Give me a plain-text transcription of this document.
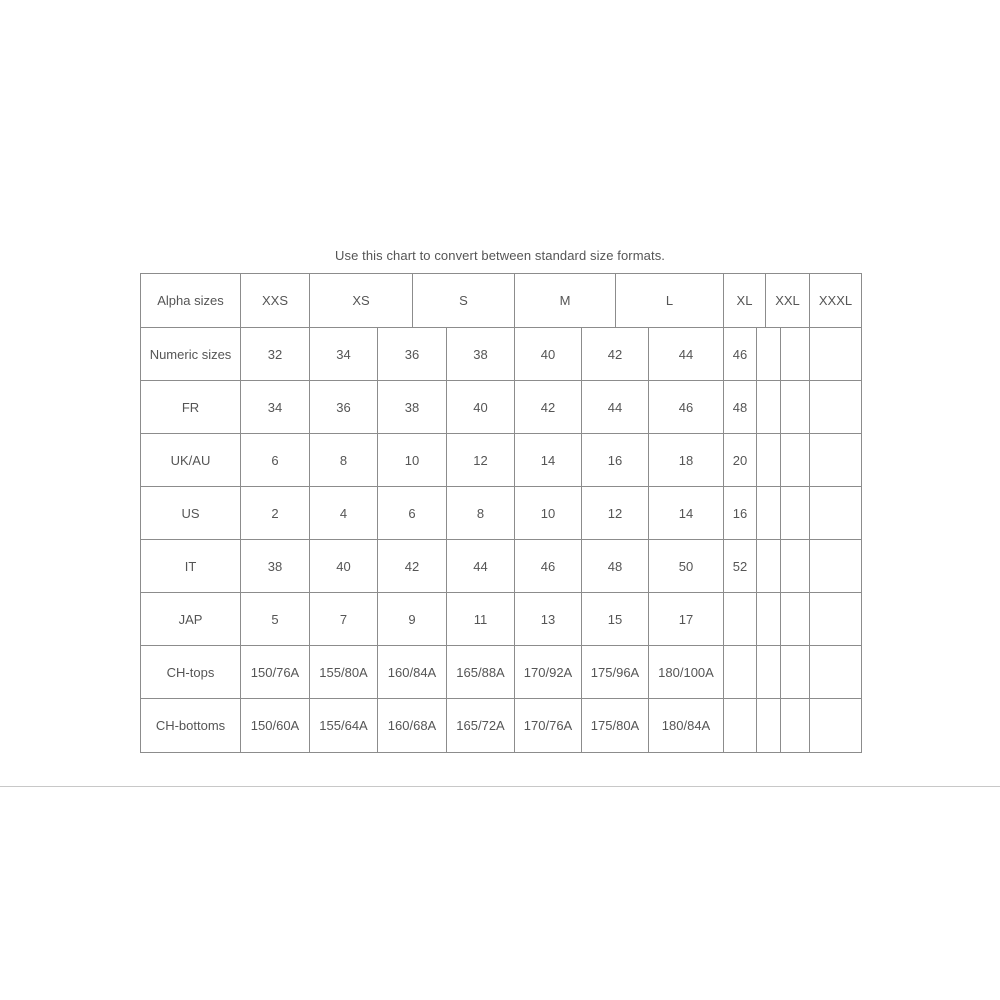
Use this chart to convert between standard size formats.
Alpha sizes	XXS	XS	S	M	L	XL	XXL	XXXL
Numeric sizes	32	34	36	38	40	42	44	46
FR	34	36	38	40	42	44	46	48
UK/AU	6	8	10	12	14	16	18	20
US	2	4	6	8	10	12	14	16
IT	38	40	42	44	46	48	50	52
JAP	5	7	9	11	13	15	17
CH-tops	150/76A	155/80A	160/84A	165/88A	170/92A	175/96A	180/100A
CH-bottoms	150/60A	155/64A	160/68A	165/72A	170/76A	175/80A	180/84A
